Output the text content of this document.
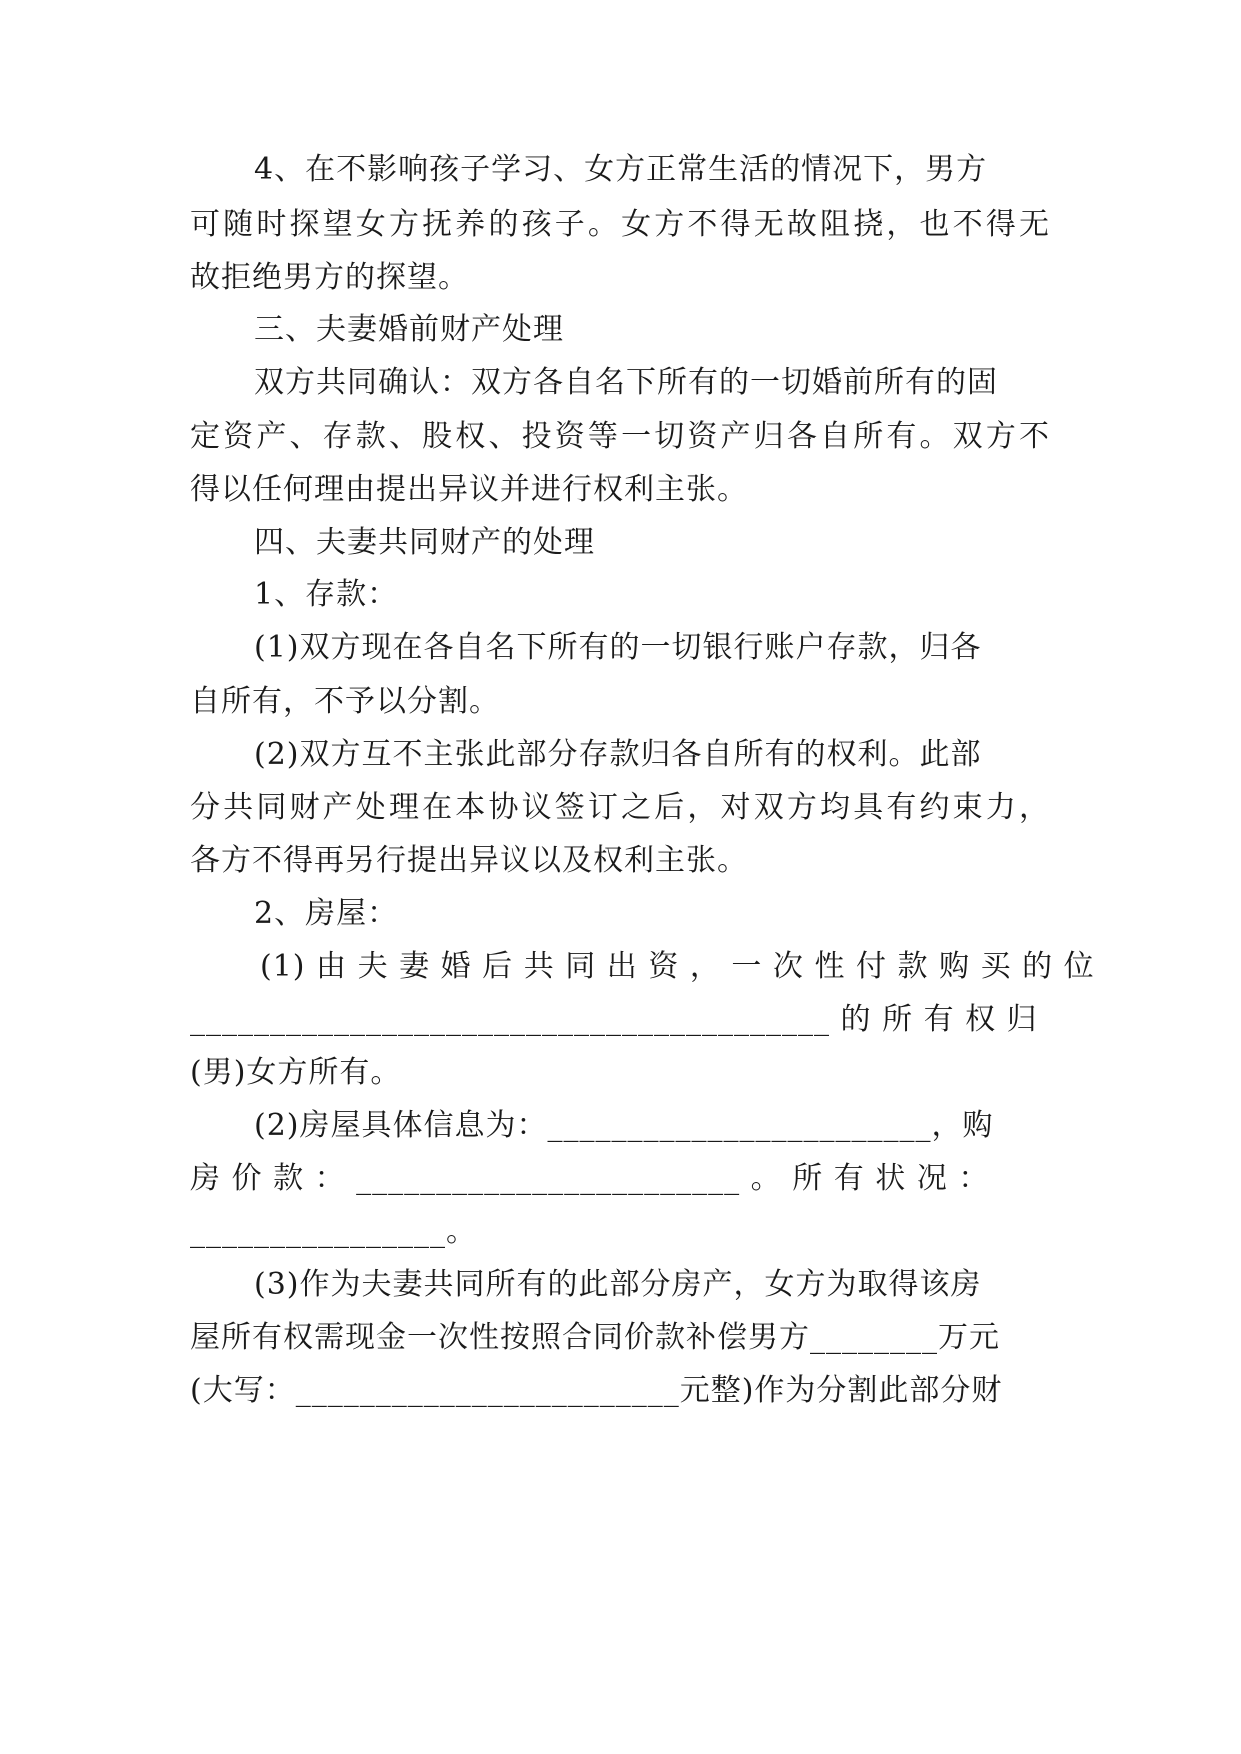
4、在不影响孩子学习、女方正常生活的情况下，男方
可随时探望女方抚养的孩子。女方不得无故阻挠，也不得无
故拒绝男方的探望。
三、夫妻婚前财产处理
双方共同确认：双方各自名下所有的一切婚前所有的固
定资产、存款、股权、投资等一切资产归各自所有。双方不
得以任何理由提出异议并进行权利主张。
四、夫妻共同财产的处理
1、存款：
(1)双方现在各自名下所有的一切银行账户存款，归各
自所有，不予以分割。
(2)双方互不主张此部分存款归各自所有的权利。此部
分共同财产处理在本协议签订之后，对双方均具有约束力，
各方不得再另行提出异议以及权利主张。
2、房屋：
(1) 由 夫 妻 婚 后 共 同 出 资 ， 一 次 性 付 款 购 买 的 位
________________________________________ 的 所 有 权 归
(男)女方所有。
(2)房屋具体信息为：________________________，购
房 价 款 ： ________________________ 。 所 有 状 况 ：
________________。
(3)作为夫妻共同所有的此部分房产，女方为取得该房
屋所有权需现金一次性按照合同价款补偿男方________万元
(大写：________________________元整)作为分割此部分财
